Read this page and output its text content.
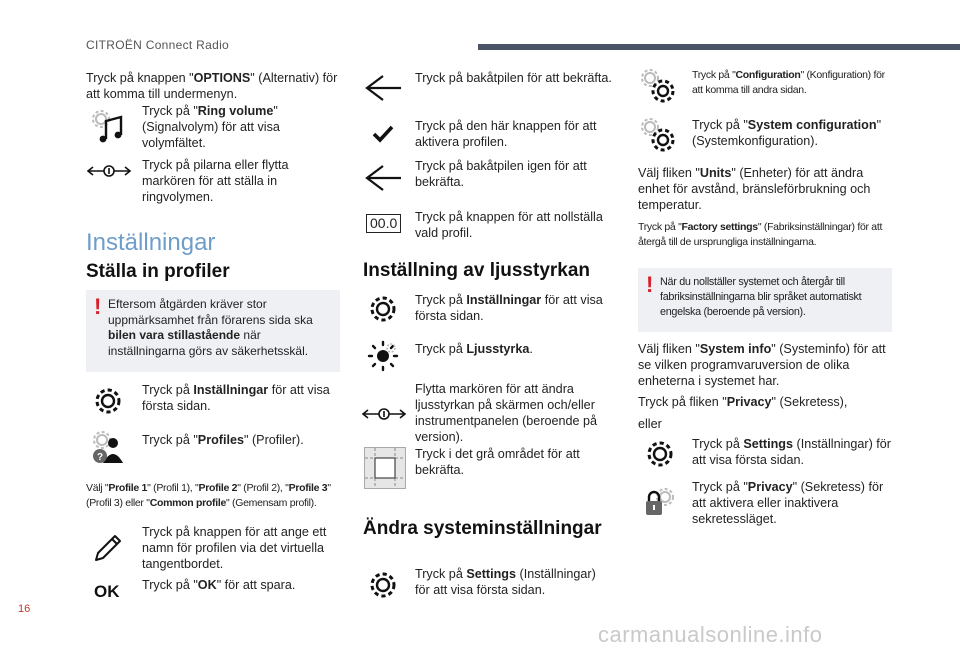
CITROËN Connect Radio
Tryck på knappen "OPTIONS" (Alternativ) för att komma till undermenyn.
Tryck på "Ring volume" (Signalvolym) för att visa volymfältet.
Tryck på pilarna eller flytta markören för att ställa in ringvolymen.
Inställningar
Ställa in profiler
! Eftersom åtgärden kräver stor uppmärksamhet från förarens sida ska bilen vara stillastående när inställningarna görs av säkerhetsskäl.
Tryck på Inställningar för att visa första sidan.
?
Tryck på "Profiles" (Profiler).
Välj "Profile 1" (Profil 1), "Profile 2" (Profil 2), "Profile 3" (Profil 3) eller "Common profile" (Gemensam profil).
Tryck på knappen för att ange ett namn för profilen via det virtuella tangentbordet.
OK Tryck på "OK" för att spara.
Tryck på bakåtpilen för att bekräfta.
Tryck på den här knappen för att aktivera profilen.
Tryck på bakåtpilen igen för att bekräfta.
00.0	Tryck på knappen för att nollställa vald profil.
Inställning av ljusstyrkan
Tryck på Inställningar för att visa första sidan.
Tryck på Ljusstyrka.
Flytta markören för att ändra ljusstyrkan på skärmen och/eller instrumentpanelen (beroende på version).
Tryck i det grå området för att bekräfta.
Ändra systeminställningar
Tryck på Settings (Inställningar) för att visa första sidan.
Tryck på "Configuration" (Konfiguration) för att komma till andra sidan.
Tryck på "System configuration" (Systemkonfiguration).
Välj fliken "Units" (Enheter) för att ändra enhet för avstånd, bränsleförbrukning och temperatur.
Tryck på "Factory settings" (Fabriksinställningar) för att återgå till de ursprungliga inställningarna.
! När du nollställer systemet och återgår till fabriksinställningarna blir språket automatiskt engelska (beroende på version).
Välj fliken "System info" (Systeminfo) för att se vilken programvaruversion de olika enheterna i systemet har.
Tryck på fliken "Privacy" (Sekretess),
eller
Tryck på Settings (Inställningar) för att visa första sidan.
Tryck på "Privacy" (Sekretess) för att aktivera eller inaktivera sekretessläget.
16
carmanualsonline.info
